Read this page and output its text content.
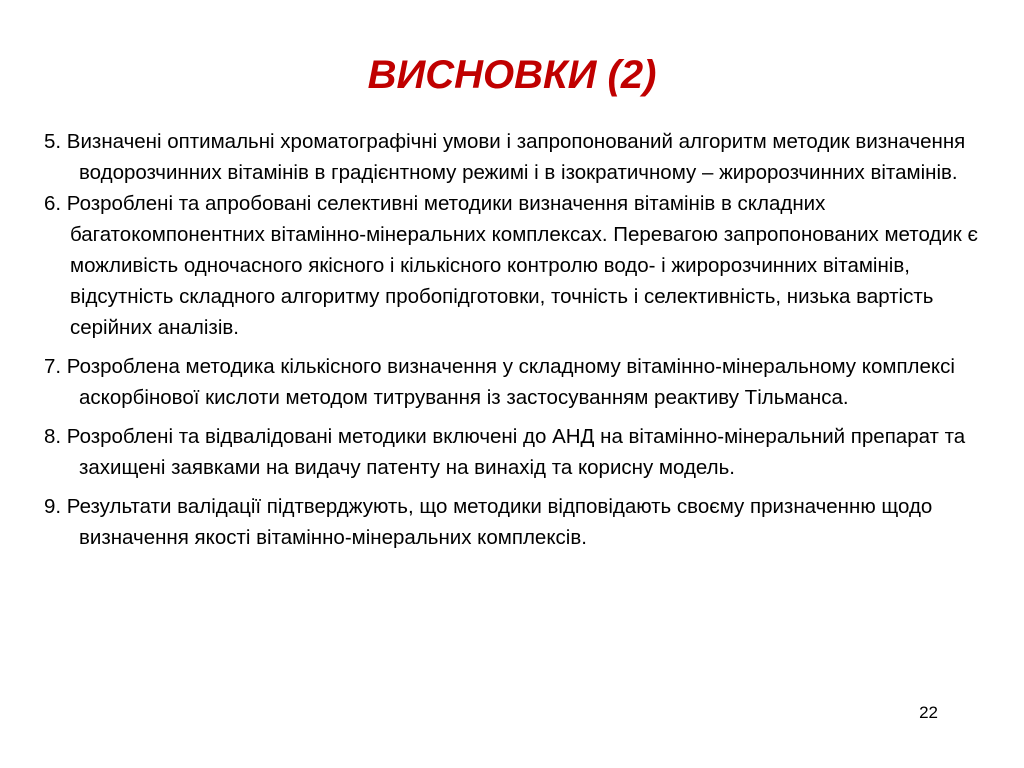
ВИСНОВКИ (2)

5. Визначені оптимальні хроматографічні умови і запропонований алгоритм методик визначення водорозчинних вітамінів в градієнтному режимі і в ізократичному – жиророзчинних вітамінів.

6. Розроблені та апробовані селективні методики визначення вітамінів в складних багатокомпонентних вітамінно-мінеральних комплексах. Перевагою запропонованих методик є можливість одночасного якісного і кількісного контролю водо- і жиророзчинних вітамінів, відсутність складного алгоритму пробопідготовки, точність і селективність, низька вартість серійних аналізів.

7. Розроблена методика кількісного визначення у складному вітамінно-мінеральному комплексі аскорбінової кислоти методом титрування із застосуванням реактиву Тільманса.

8. Розроблені та відвалідовані методики включені до АНД на вітамінно-мінеральний препарат та захищені заявками на видачу патенту на винахід та корисну модель.

9. Результати валідації підтверджують, що методики відповідають своєму призначенню щодо визначення якості вітамінно-мінеральних комплексів.

22
